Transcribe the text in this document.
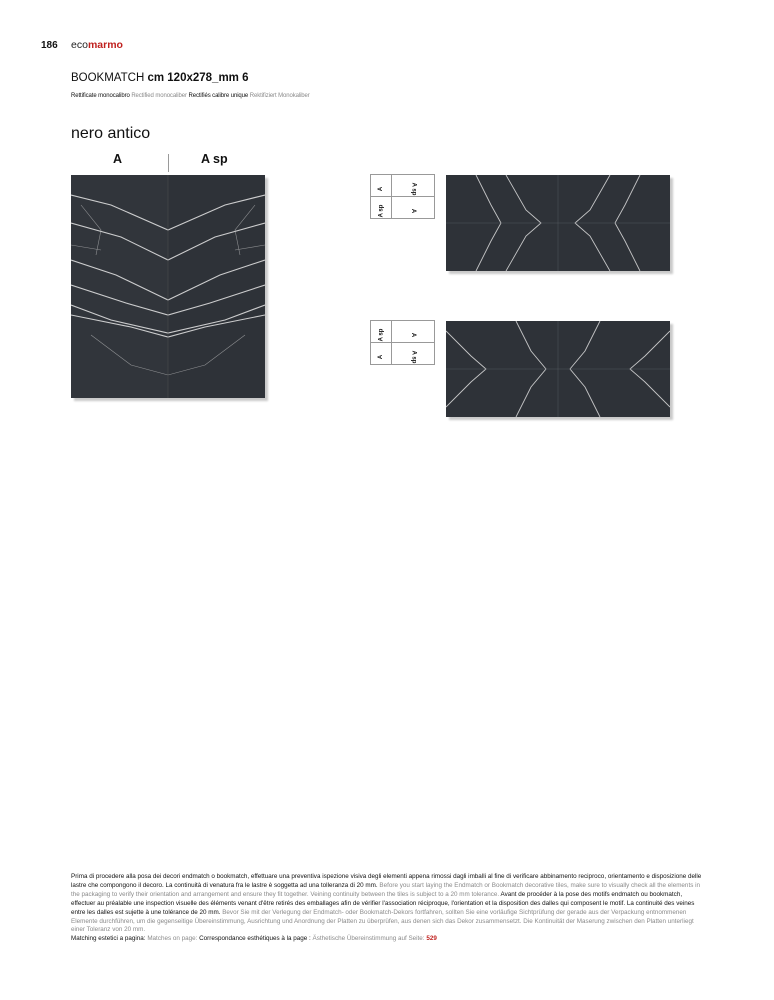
186 ecomarmo
BOOKMATCH cm 120x278_mm 6
Rettificate monocalibro Rectified monocaliber Rectifiés calibre unique Rektifiziert Monokaliber
nero antico
A	A sp
A	A sp
A sp	A
A sp	A
A	A sp
Prima di procedere alla posa dei decori endmatch o bookmatch, effettuare una preventiva ispezione visiva degli elementi appena rimossi dagli imballi al fine di verificare abbinamento reciproco, orientamento e disposizione delle lastre che compongono il decoro. La continuità di venatura fra le lastre è soggetta ad una tolleranza di 20 mm. Before you start laying the Endmatch or Bookmatch decorative tiles, make sure to visually check all the elements in the packaging to verify their orientation and arrangement and ensure they fit together. Veining continuity between the tiles is subject to a 20 mm tolerance. Avant de procéder à la pose des motifs endmatch ou bookmatch, effectuer au préalable une inspection visuelle des éléments venant d'être retirés des emballages afin de vérifier l'association réciproque, l'orientation et la disposition des dalles qui composent le motif. La continuité des veines entre les dalles est sujette à une tolérance de 20 mm. Bevor Sie mit der Verlegung der Endmatch- oder Bookmatch-Dekors fortfahren, sollten Sie eine vorläufige Sichtprüfung der gerade aus der Verpackung entnommenen Elemente durchführen, um die gegenseitige Übereinstimmung, Ausrichtung und Anordnung der Platten zu überprüfen, aus denen sich das Dekor zusammensetzt. Die Kontinuität der Maserung zwischen den Platten unterliegt einer Toleranz von 20 mm.
Matching estetici a pagina: Matches on page: Correspondance esthétiques à la page : Ästhetische Übereinstimmung auf Seite: 529
